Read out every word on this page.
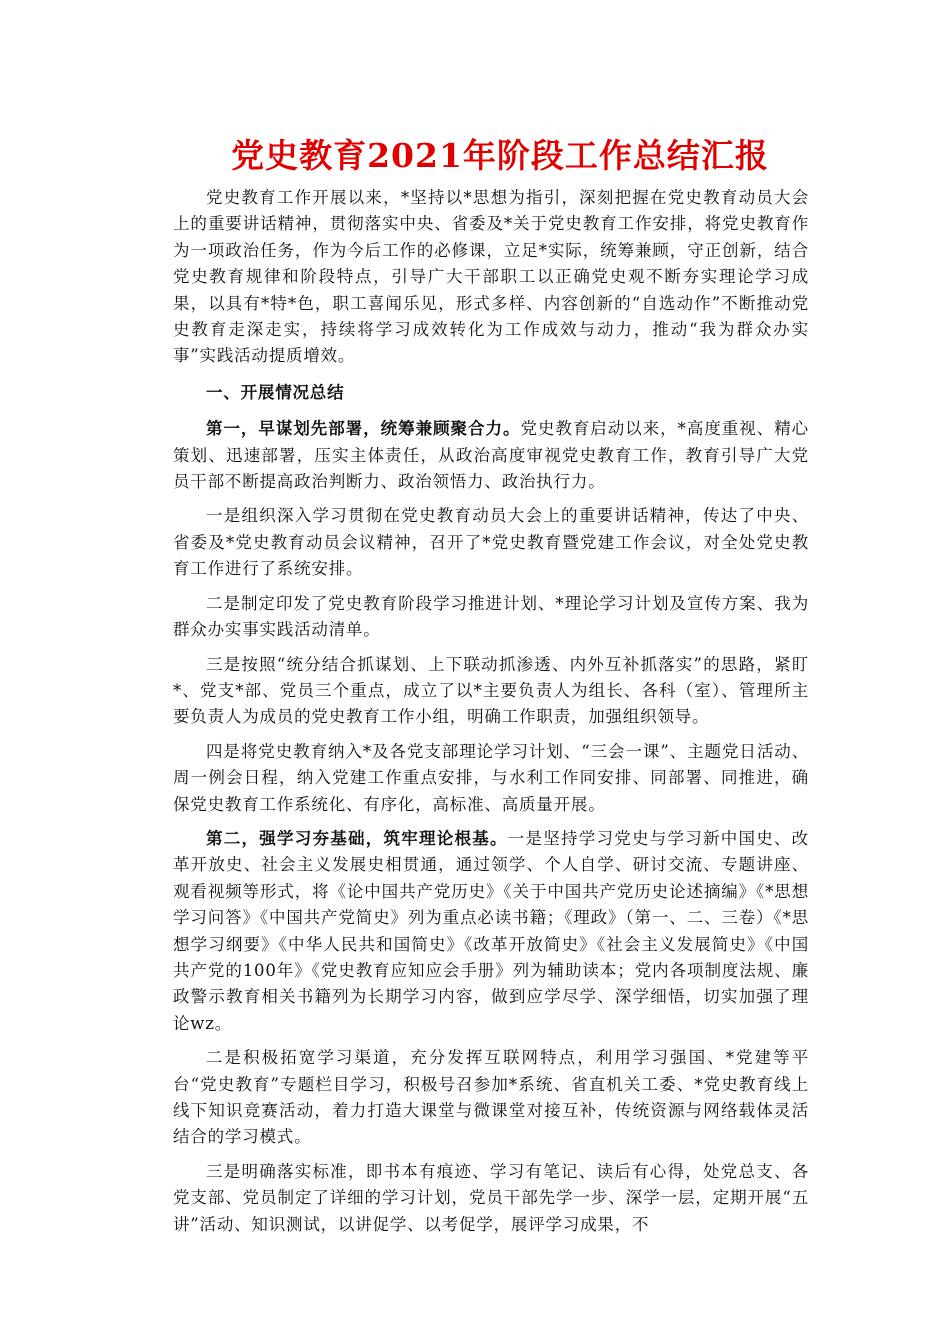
党史教育2021年阶段工作总结汇报

党史教育工作开展以来，*坚持以*思想为指引，深刻把握在党史教育动员大会上的重要讲话精神，贯彻落实中央、省委及*关于党史教育工作安排，将党史教育作为一项政治任务，作为今后工作的必修课，立足*实际，统筹兼顾，守正创新，结合党史教育规律和阶段特点，引导广大干部职工以正确党史观不断夯实理论学习成果，以具有*特*色，职工喜闻乐见，形式多样、内容创新的“自选动作”不断推动党史教育走深走实，持续将学习成效转化为工作成效与动力，推动“我为群众办实事”实践活动提质增效。

一、开展情况总结

第一，早谋划先部署，统筹兼顾聚合力。党史教育启动以来，*高度重视、精心策划、迅速部署，压实主体责任，从政治高度审视党史教育工作，教育引导广大党员干部不断提高政治判断力、政治领悟力、政治执行力。

一是组织深入学习贯彻在党史教育动员大会上的重要讲话精神，传达了中央、省委及*党史教育动员会议精神，召开了*党史教育暨党建工作会议，对全处党史教育工作进行了系统安排。

二是制定印发了党史教育阶段学习推进计划、*理论学习计划及宣传方案、我为群众办实事实践活动清单。

三是按照“统分结合抓谋划、上下联动抓渗透、内外互补抓落实”的思路，紧盯*、党支*部、党员三个重点，成立了以*主要负责人为组长、各科（室）、管理所主要负责人为成员的党史教育工作小组，明确工作职责，加强组织领导。

四是将党史教育纳入*及各党支部理论学习计划、“三会一课”、主题党日活动、周一例会日程，纳入党建工作重点安排，与水利工作同安排、同部署、同推进，确保党史教育工作系统化、有序化，高标准、高质量开展。

第二，强学习夯基础，筑牢理论根基。一是坚持学习党史与学习新中国史、改革开放史、社会主义发展史相贯通，通过领学、个人自学、研讨交流、专题讲座、观看视频等形式，将《论中国共产党历史》《关于中国共产党历史论述摘编》《*思想学习问答》《中国共产党简史》列为重点必读书籍；《理政》（第一、二、三卷）《*思想学习纲要》《中华人民共和国简史》《改革开放简史》《社会主义发展简史》《中国共产党的100年》《党史教育应知应会手册》列为辅助读本；党内各项制度法规、廉政警示教育相关书籍列为长期学习内容，做到应学尽学、深学细悟，切实加强了理论wz。

二是积极拓宽学习渠道，充分发挥互联网特点，利用学习强国、*党建等平台“党史教育”专题栏目学习，积极号召参加*系统、省直机关工委、*党史教育线上线下知识竞赛活动，着力打造大课堂与微课堂对接互补，传统资源与网络载体灵活结合的学习模式。

三是明确落实标准，即书本有痕迹、学习有笔记、读后有心得，处党总支、各党支部、党员制定了详细的学习计划，党员干部先学一步、深学一层，定期开展“五讲”活动、知识测试，以讲促学、以考促学，展评学习成果，不
